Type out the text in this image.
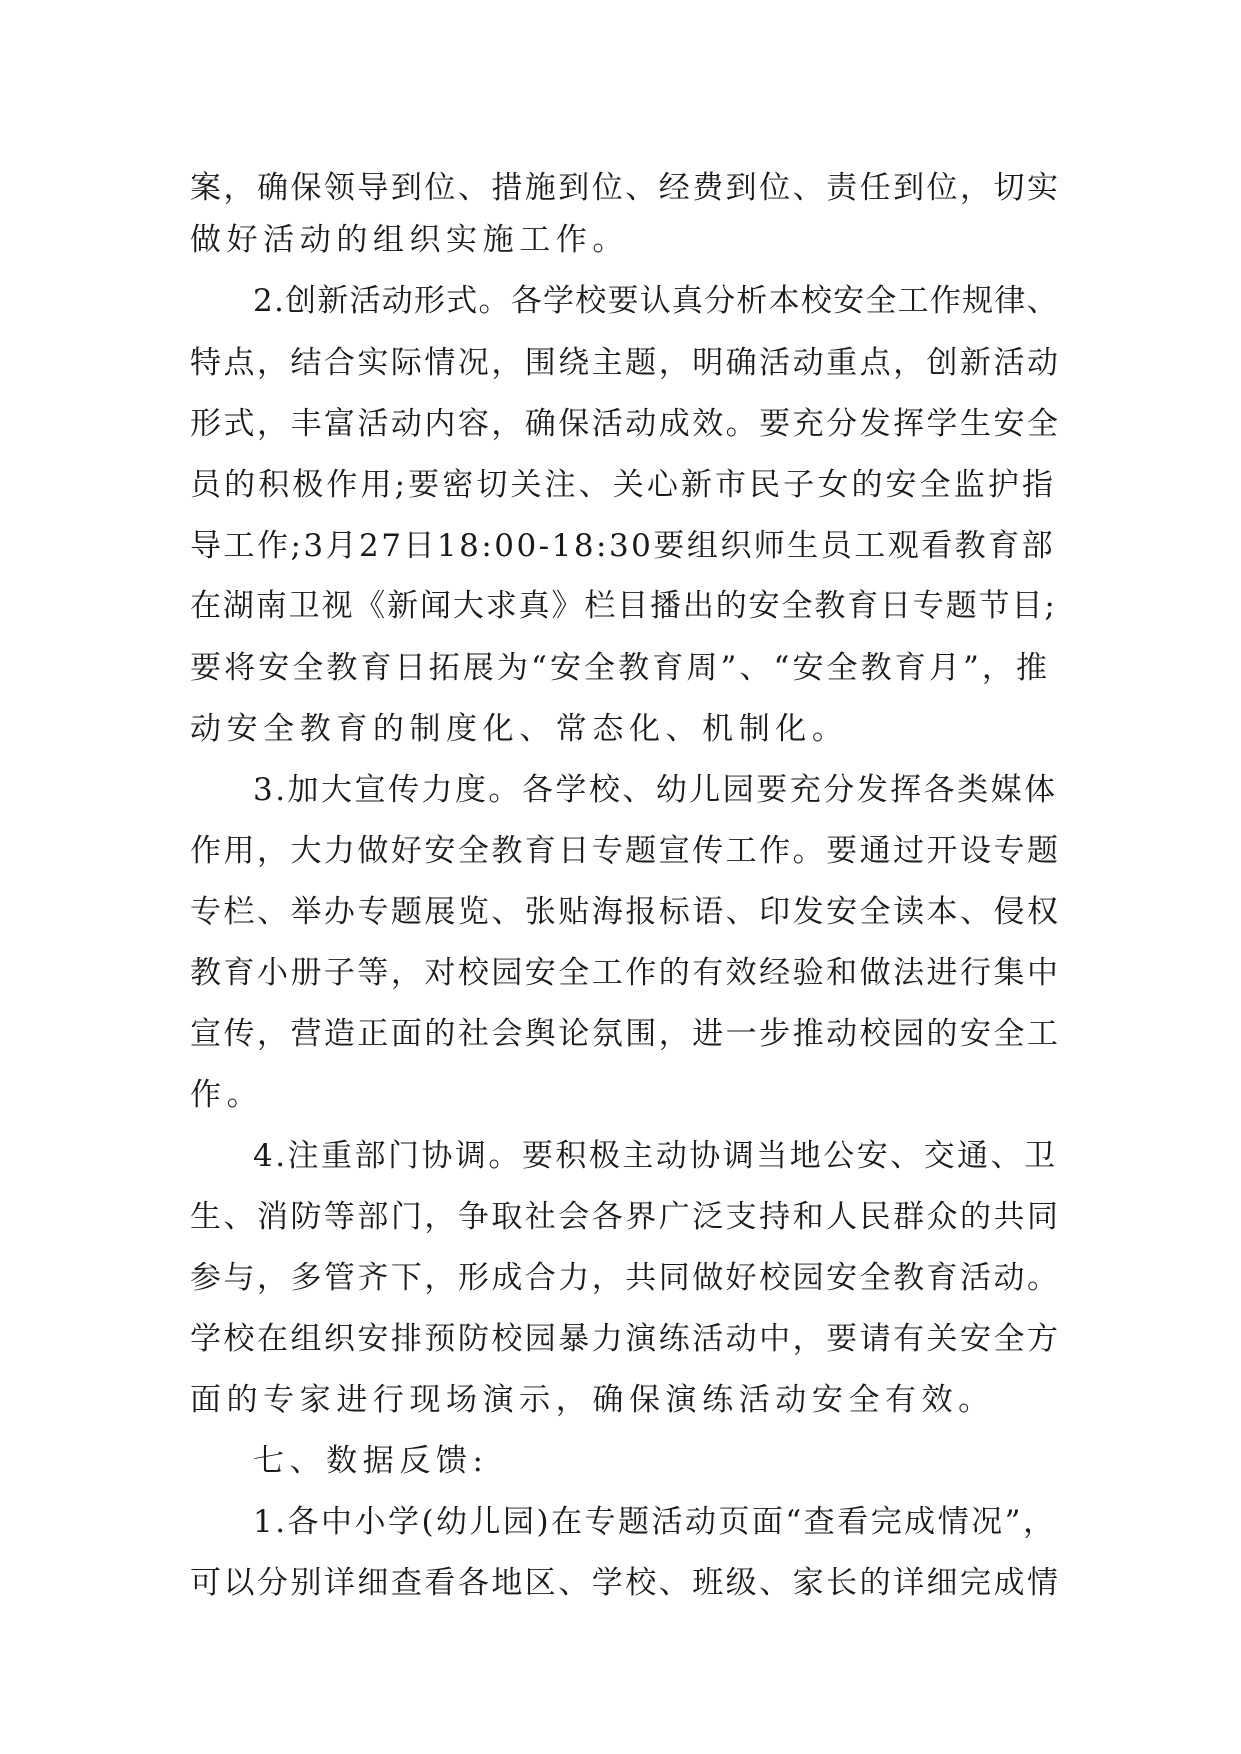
案，确保领导到位、措施到位、经费到位、责任到位，切实
做好活动的组织实施工作。
2.创新活动形式。各学校要认真分析本校安全工作规律、
特点，结合实际情况，围绕主题，明确活动重点，创新活动
形式，丰富活动内容，确保活动成效。要充分发挥学生安全
员的积极作用;要密切关注、关心新市民子女的安全监护指
导工作;3月27日18:00-18:30要组织师生员工观看教育部
在湖南卫视《新闻大求真》栏目播出的安全教育日专题节目;
要将安全教育日拓展为“安全教育周”、“安全教育月”，推
动安全教育的制度化、常态化、机制化。
3.加大宣传力度。各学校、幼儿园要充分发挥各类媒体
作用，大力做好安全教育日专题宣传工作。要通过开设专题
专栏、举办专题展览、张贴海报标语、印发安全读本、侵权
教育小册子等，对校园安全工作的有效经验和做法进行集中
宣传，营造正面的社会舆论氛围，进一步推动校园的安全工
作。
4.注重部门协调。要积极主动协调当地公安、交通、卫
生、消防等部门，争取社会各界广泛支持和人民群众的共同
参与，多管齐下，形成合力，共同做好校园安全教育活动。
学校在组织安排预防校园暴力演练活动中，要请有关安全方
面的专家进行现场演示，确保演练活动安全有效。
七、数据反馈:
1.各中小学(幼儿园)在专题活动页面“查看完成情况”，
可以分别详细查看各地区、学校、班级、家长的详细完成情
